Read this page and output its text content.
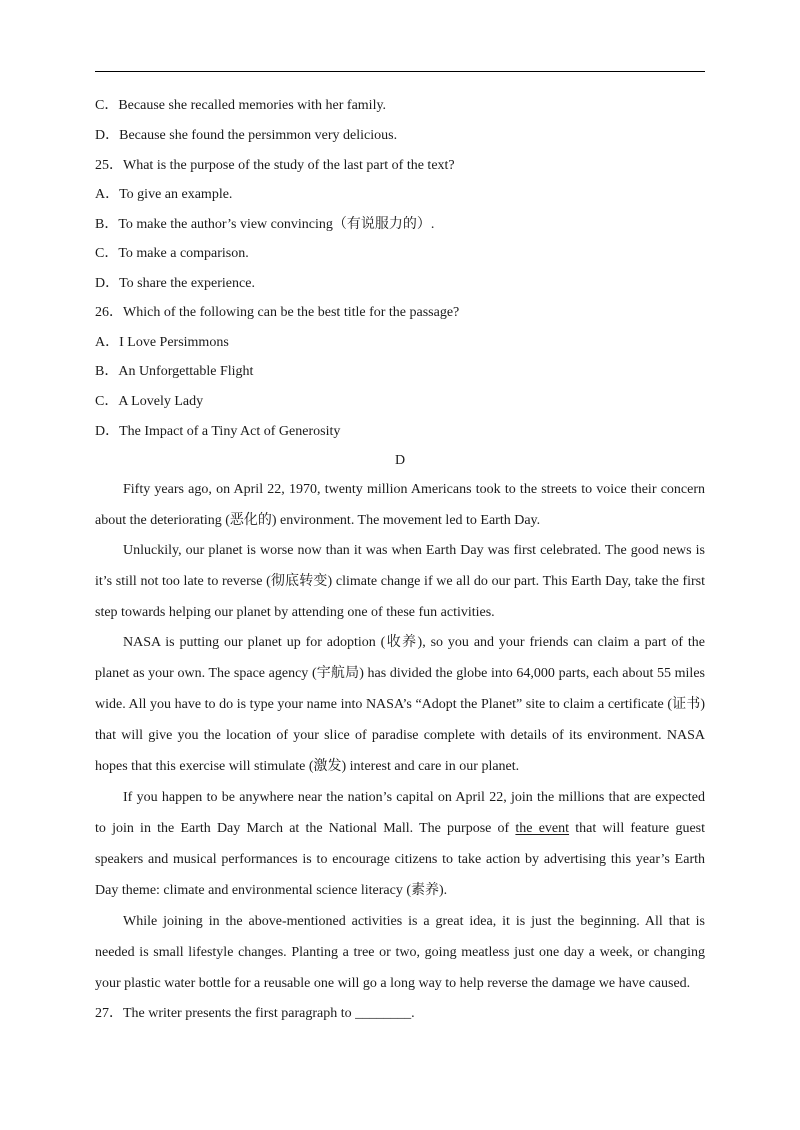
C．Because she recalled memories with her family.
D．Because she found the persimmon very delicious.
25．What is the purpose of the study of the last part of the text?
A．To give an example.
B．To make the author’s view convincing（有说服力的）.
C．To make a comparison.
D．To share the experience.
26．Which of the following can be the best title for the passage?
A．I Love Persimmons
B．An Unforgettable Flight
C．A Lovely Lady
D．The Impact of a Tiny Act of Generosity
D
Fifty years ago, on April 22, 1970, twenty million Americans took to the streets to voice their concern about the deteriorating (恶化的) environment. The movement led to Earth Day.
Unluckily, our planet is worse now than it was when Earth Day was first celebrated. The good news is it’s still not too late to reverse (彻底转变) climate change if we all do our part. This Earth Day, take the first step towards helping our planet by attending one of these fun activities.
NASA is putting our planet up for adoption (收养), so you and your friends can claim a part of the planet as your own. The space agency (宇航局) has divided the globe into 64,000 parts, each about 55 miles wide. All you have to do is type your name into NASA’s “Adopt the Planet” site to claim a certificate (证书) that will give you the location of your slice of paradise complete with details of its environment. NASA hopes that this exercise will stimulate (激发) interest and care in our planet.
If you happen to be anywhere near the nation’s capital on April 22, join the millions that are expected to join in the Earth Day March at the National Mall. The purpose of the event that will feature guest speakers and musical performances is to encourage citizens to take action by advertising this year’s Earth Day theme: climate and environmental science literacy (素养).
While joining in the above-mentioned activities is a great idea, it is just the beginning. All that is needed is small lifestyle changes. Planting a tree or two, going meatless just one day a week, or changing your plastic water bottle for a reusable one will go a long way to help reverse the damage we have caused.
27．The writer presents the first paragraph to ________.
